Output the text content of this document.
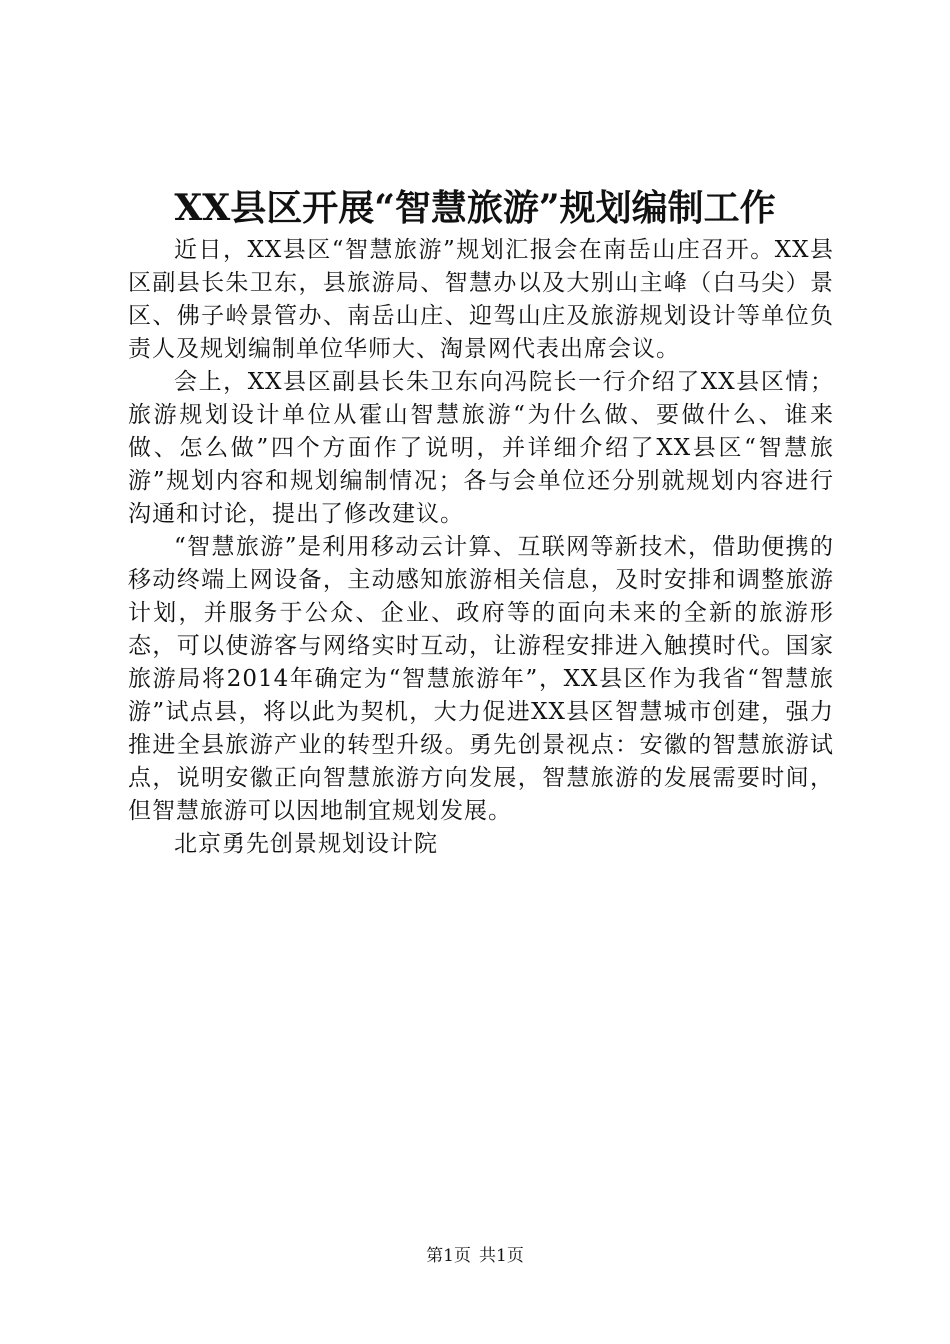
XX县区开展“智慧旅游”规划编制工作

近日，XX县区“智慧旅游”规划汇报会在南岳山庄召开。XX县区副县长朱卫东，县旅游局、智慧办以及大别山主峰（白马尖）景区、佛子岭景管办、南岳山庄、迎驾山庄及旅游规划设计等单位负责人及规划编制单位华师大、淘景网代表出席会议。

会上，XX县区副县长朱卫东向冯院长一行介绍了XX县区情；旅游规划设计单位从霍山智慧旅游“为什么做、要做什么、谁来做、怎么做”四个方面作了说明，并详细介绍了XX县区“智慧旅游”规划内容和规划编制情况；各与会单位还分别就规划内容进行沟通和讨论，提出了修改建议。

“智慧旅游”是利用移动云计算、互联网等新技术，借助便携的移动终端上网设备，主动感知旅游相关信息，及时安排和调整旅游计划，并服务于公众、企业、政府等的面向未来的全新的旅游形态，可以使游客与网络实时互动，让游程安排进入触摸时代。国家旅游局将2014年确定为“智慧旅游年”，XX县区作为我省“智慧旅游”试点县，将以此为契机，大力促进XX县区智慧城市创建，强力推进全县旅游产业的转型升级。勇先创景视点：安徽的智慧旅游试点，说明安徽正向智慧旅游方向发展，智慧旅游的发展需要时间，但智慧旅游可以因地制宜规划发展。

北京勇先创景规划设计院

第1页 共1页
